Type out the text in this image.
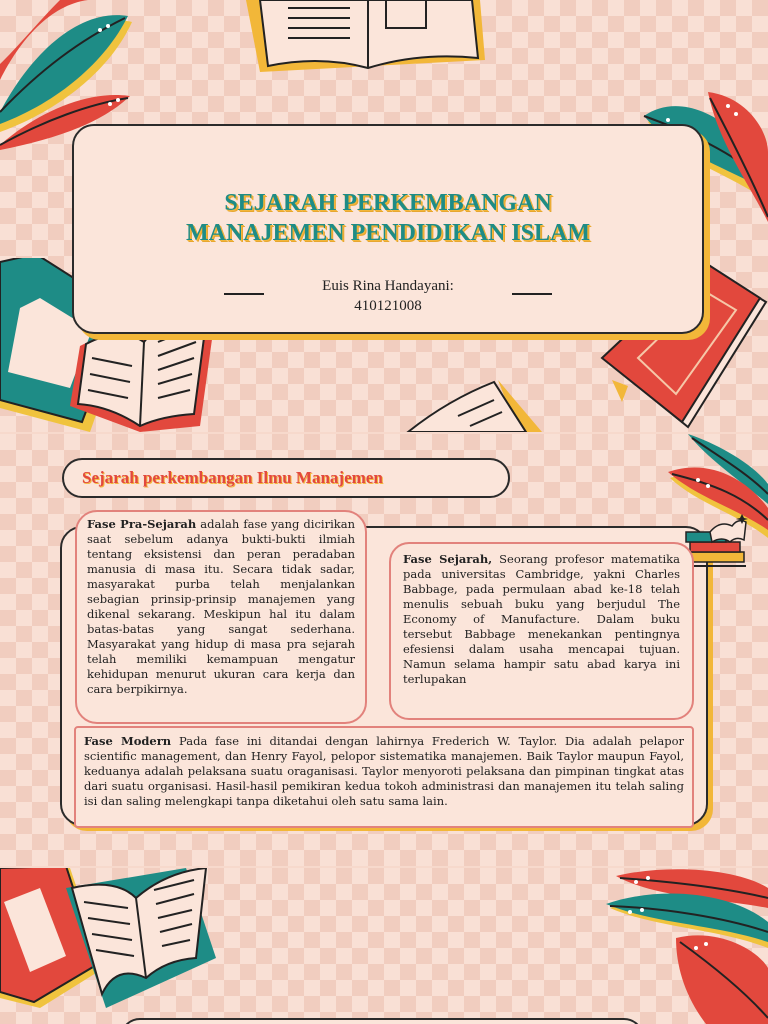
SEJARAH PERKEMBANGAN
MANAJEMEN PENDIDIKAN ISLAM
Euis Rina Handayani:
410121008
Sejarah perkembangan Ilmu Manajemen
Fase Pra-Sejarah adalah fase yang dicirikan saat sebelum adanya bukti-bukti ilmiah tentang eksistensi dan peran peradaban manusia di masa itu. Secara tidak sadar, masyarakat purba telah menjalankan sebagian prinsip-prinsip manajemen yang dikenal sekarang. Meskipun hal itu dalam batas-batas yang sangat sederhana. Masyarakat yang hidup di masa pra sejarah telah memiliki kemampuan mengatur kehidupan menurut ukuran cara kerja dan cara berpikirnya.
Fase Sejarah, Seorang profesor matematika pada universitas Cambridge, yakni Charles Babbage, pada permulaan abad ke-18 telah menulis sebuah buku yang berjudul The Economy of Manufacture. Dalam buku tersebut Babbage menekankan pentingnya efesiensi dalam usaha mencapai tujuan. Namun selama hampir satu abad karya ini terlupakan
Fase Modern Pada fase ini ditandai dengan lahirnya Frederich W. Taylor. Dia adalah pelapor scientific management, dan Henry Fayol, pelopor sistematika manajemen. Baik Taylor maupun Fayol, keduanya adalah pelaksana suatu oraganisasi. Taylor menyoroti pelaksana dan pimpinan tingkat atas dari suatu organisasi. Hasil-hasil pemikiran kedua tokoh administrasi dan manajemen itu telah saling isi dan saling melengkapi tanpa diketahui oleh satu sama lain.
